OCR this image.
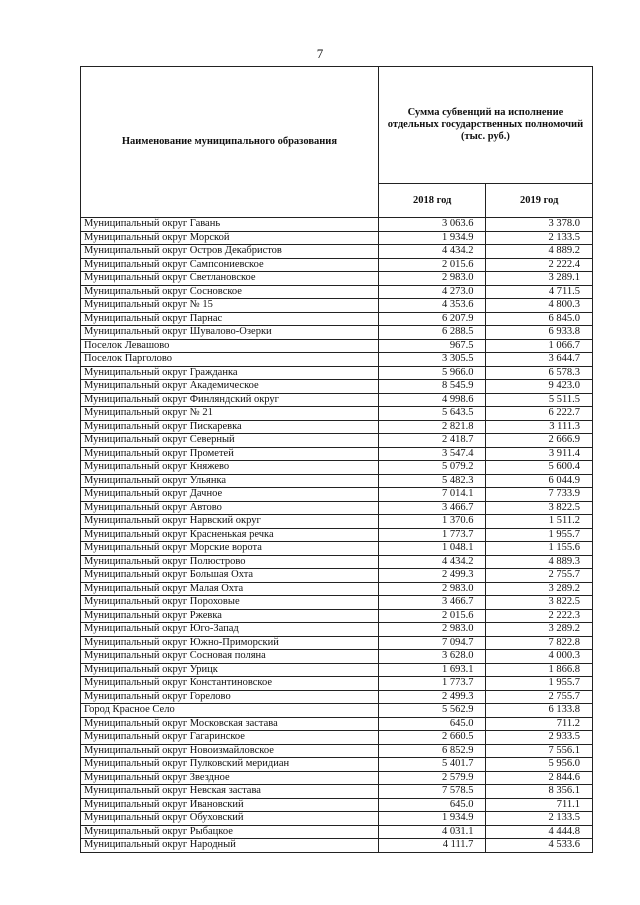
7
Наименование муниципального образования	Сумма субвенций на исполнение отдельных государственных полномочий (тыс. руб.)	
	2018 год	2019 год
Муниципальный округ Гавань	3 063.6	3 378.0
Муниципальный округ Морской	1 934.9	2 133.5
Муниципальный округ Остров Декабристов	4 434.2	4 889.2
Муниципальный округ Сампсониевское	2 015.6	2 222.4
Муниципальный округ Светлановское	2 983.0	3 289.1
Муниципальный округ Сосновское	4 273.0	4 711.5
Муниципальный округ № 15	4 353.6	4 800.3
Муниципальный округ Парнас	6 207.9	6 845.0
Муниципальный округ Шувалово-Озерки	6 288.5	6 933.8
Поселок Левашово	967.5	1 066.7
Поселок Парголово	3 305.5	3 644.7
Муниципальный округ Гражданка	5 966.0	6 578.3
Муниципальный округ Академическое	8 545.9	9 423.0
Муниципальный округ Финляндский округ	4 998.6	5 511.5
Муниципальный округ № 21	5 643.5	6 222.7
Муниципальный округ Пискаревка	2 821.8	3 111.3
Муниципальный округ Северный	2 418.7	2 666.9
Муниципальный округ Прометей	3 547.4	3 911.4
Муниципальный округ Княжево	5 079.2	5 600.4
Муниципальный округ Ульянка	5 482.3	6 044.9
Муниципальный округ Дачное	7 014.1	7 733.9
Муниципальный округ Автово	3 466.7	3 822.5
Муниципальный округ Нарвский округ	1 370.6	1 511.2
Муниципальный округ Красненькая речка	1 773.7	1 955.7
Муниципальный округ Морские ворота	1 048.1	1 155.6
Муниципальный округ Полюстрово	4 434.2	4 889.3
Муниципальный округ Большая Охта	2 499.3	2 755.7
Муниципальный округ Малая Охта	2 983.0	3 289.2
Муниципальный округ Пороховые	3 466.7	3 822.5
Муниципальный округ Ржевка	2 015.6	2 222.3
Муниципальный округ Юго-Запад	2 983.0	3 289.2
Муниципальный округ Южно-Приморский	7 094.7	7 822.8
Муниципальный округ Сосновая поляна	3 628.0	4 000.3
Муниципальный округ Урицк	1 693.1	1 866.8
Муниципальный округ Константиновское	1 773.7	1 955.7
Муниципальный округ Горелово	2 499.3	2 755.7
Город Красное Село	5 562.9	6 133.8
Муниципальный округ Московская застава	645.0	711.2
Муниципальный округ Гагаринское	2 660.5	2 933.5
Муниципальный округ Новоизмайловское	6 852.9	7 556.1
Муниципальный округ Пулковский меридиан	5 401.7	5 956.0
Муниципальный округ Звездное	2 579.9	2 844.6
Муниципальный округ Невская застава	7 578.5	8 356.1
Муниципальный округ Ивановский	645.0	711.1
Муниципальный округ Обуховский	1 934.9	2 133.5
Муниципальный округ Рыбацкое	4 031.1	4 444.8
Муниципальный округ Народный	4 111.7	4 533.6
